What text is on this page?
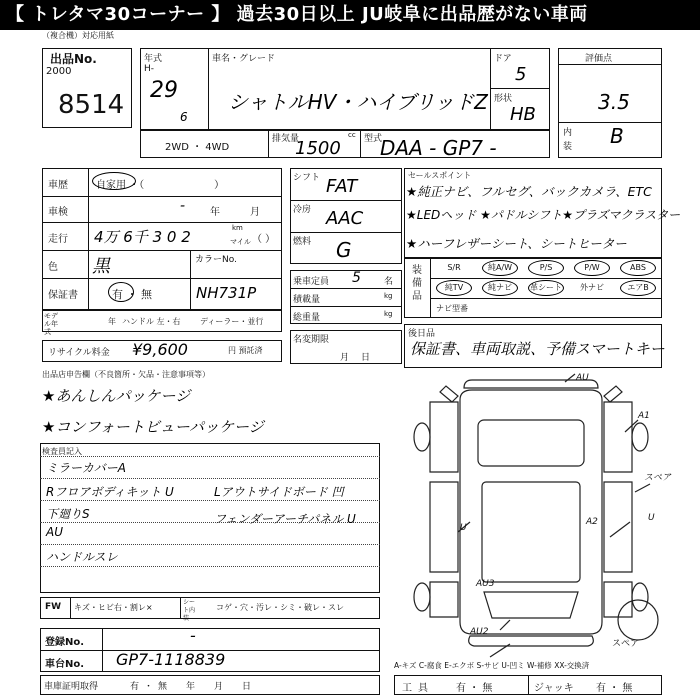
【 トレタマ30コーナー 】 過去30日以上 JU岐阜に出品歴がない車両
（複合機）対応用紙
出品No.
2000
8514
年式
H-
29
6
車名・グレード
シャトルHV・ハイブリッドZ
ドア
5
形状
HB
評価点
3.5
内装 B
2WD ・ 4WD
排気量	cc
1500	型式
DAA - GP7 -
車歴	自家用 ・（　　　　　　　）
車検	- 年	月
走行 4万 6千 3 0 2	km
マイル （ ）
色 黒	カラーNo.
保証書	有 ・ 無	NH731P
モデル年式
年 ハンドル 左・右 ディーラー・並行
リサイクル料金 ¥9,600	円 預託済
シフト FAT
冷房 AAC
燃料 G
乗車定員 5	名
積載量	kg
総重量	kg
名変期限
月日
セールスポイント
★純正ナビ、フルセグ、バックカメラ、ETC
★LEDヘッド ★パドルシフト★プラズマクラスター
★ハーフレザーシート、シートヒーター
装備品
S/R	純A/W	P/S	P/W	ABS
純TV	純ナビ	革シート	外ナビ	エアB
ナビ型番
後日品
保証書、車両取説、予備スマートキー
出品店申告欄（不良箇所・欠品・注意事項等）
★あんしんパッケージ
★コンフォートビューパッケージ
検査員記入
ミラーカバーA
Rフロアボディキット U
下廻りS
AU
ハンドルスレ
Lアウトサイドボード 凹
フェンダーアーチパネル U
AU
A1
スペア
A2
U
AU3
AU2
U
スペア
FW キズ・ヒビ右・割レ×
シート内装
コゲ・穴・汚レ・シミ・破レ・スレ
登録No.	-
車台No. GP7-1118839	A-キズ C-腐食 E-エクボ S-サビ U-凹ミ W-補修 XX-交換済
工具 有 ・ 無	ジャッキ 有 ・ 無
車庫証明取得	有・無　年　月　日
